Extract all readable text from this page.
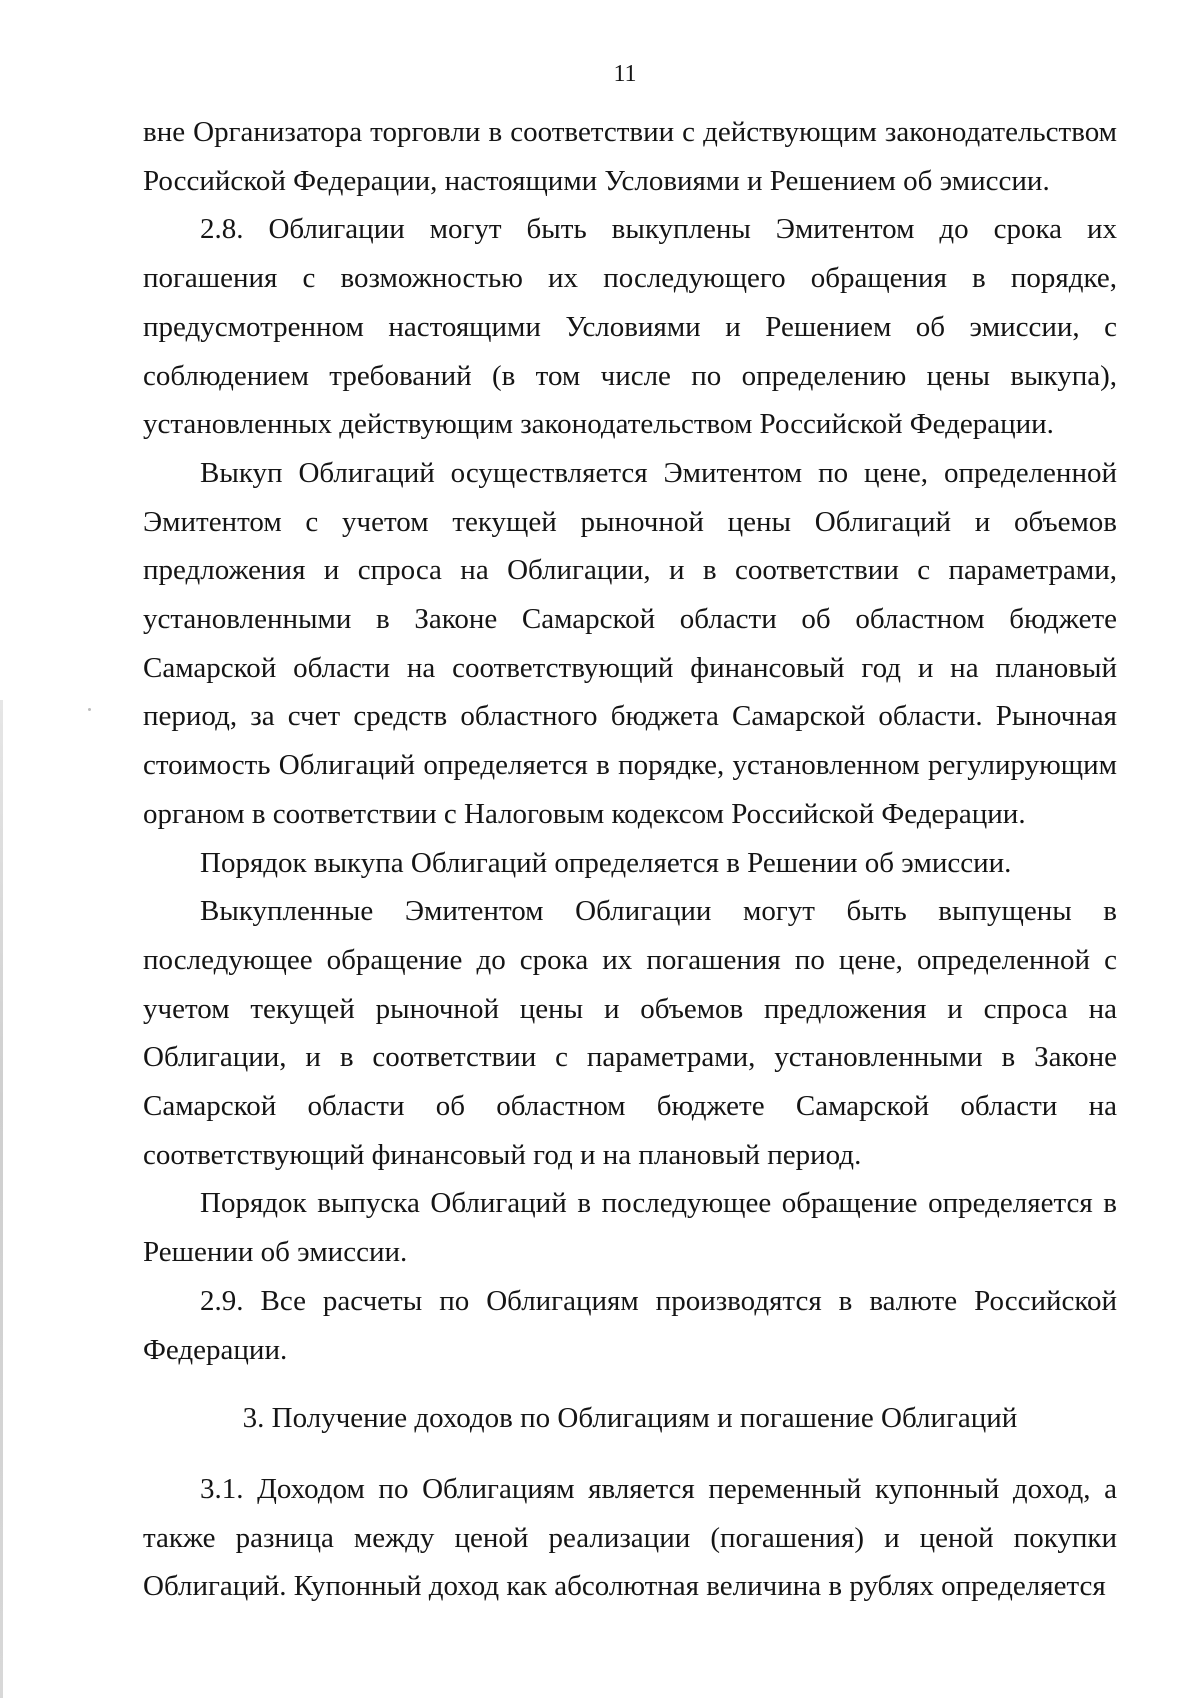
11

вне Организатора торговли в соответствии с действующим законодательством Российской Федерации, настоящими Условиями и Решением об эмиссии.

2.8. Облигации могут быть выкуплены Эмитентом до срока их погашения с возможностью их последующего обращения в порядке, предусмотренном настоящими Условиями и Решением об эмиссии, с соблюдением требований (в том числе по определению цены выкупа), установленных действующим законодательством Российской Федерации.

Выкуп Облигаций осуществляется Эмитентом по цене, определенной Эмитентом с учетом текущей рыночной цены Облигаций и объемов предложения и спроса на Облигации, и в соответствии с параметрами, установленными в Законе Самарской области об областном бюджете Самарской области на соответствующий финансовый год и на плановый период, за счет средств областного бюджета Самарской области. Рыночная стоимость Облигаций определяется в порядке, установленном регулирующим органом в соответствии с Налоговым кодексом Российской Федерации.

Порядок выкупа Облигаций определяется в Решении об эмиссии.

Выкупленные Эмитентом Облигации могут быть выпущены в последующее обращение до срока их погашения по цене, определенной с учетом текущей рыночной цены и объемов предложения и спроса на Облигации, и в соответствии с параметрами, установленными в Законе Самарской области об областном бюджете Самарской области на соответствующий финансовый год и на плановый период.

Порядок выпуска Облигаций в последующее обращение определяется в Решении об эмиссии.

2.9. Все расчеты по Облигациям производятся в валюте Российской Федерации.

3. Получение доходов по Облигациям и погашение Облигаций

3.1. Доходом по Облигациям является переменный купонный доход, а также разница между ценой реализации (погашения) и ценой покупки Облигаций. Купонный доход как абсолютная величина в рублях определяется
